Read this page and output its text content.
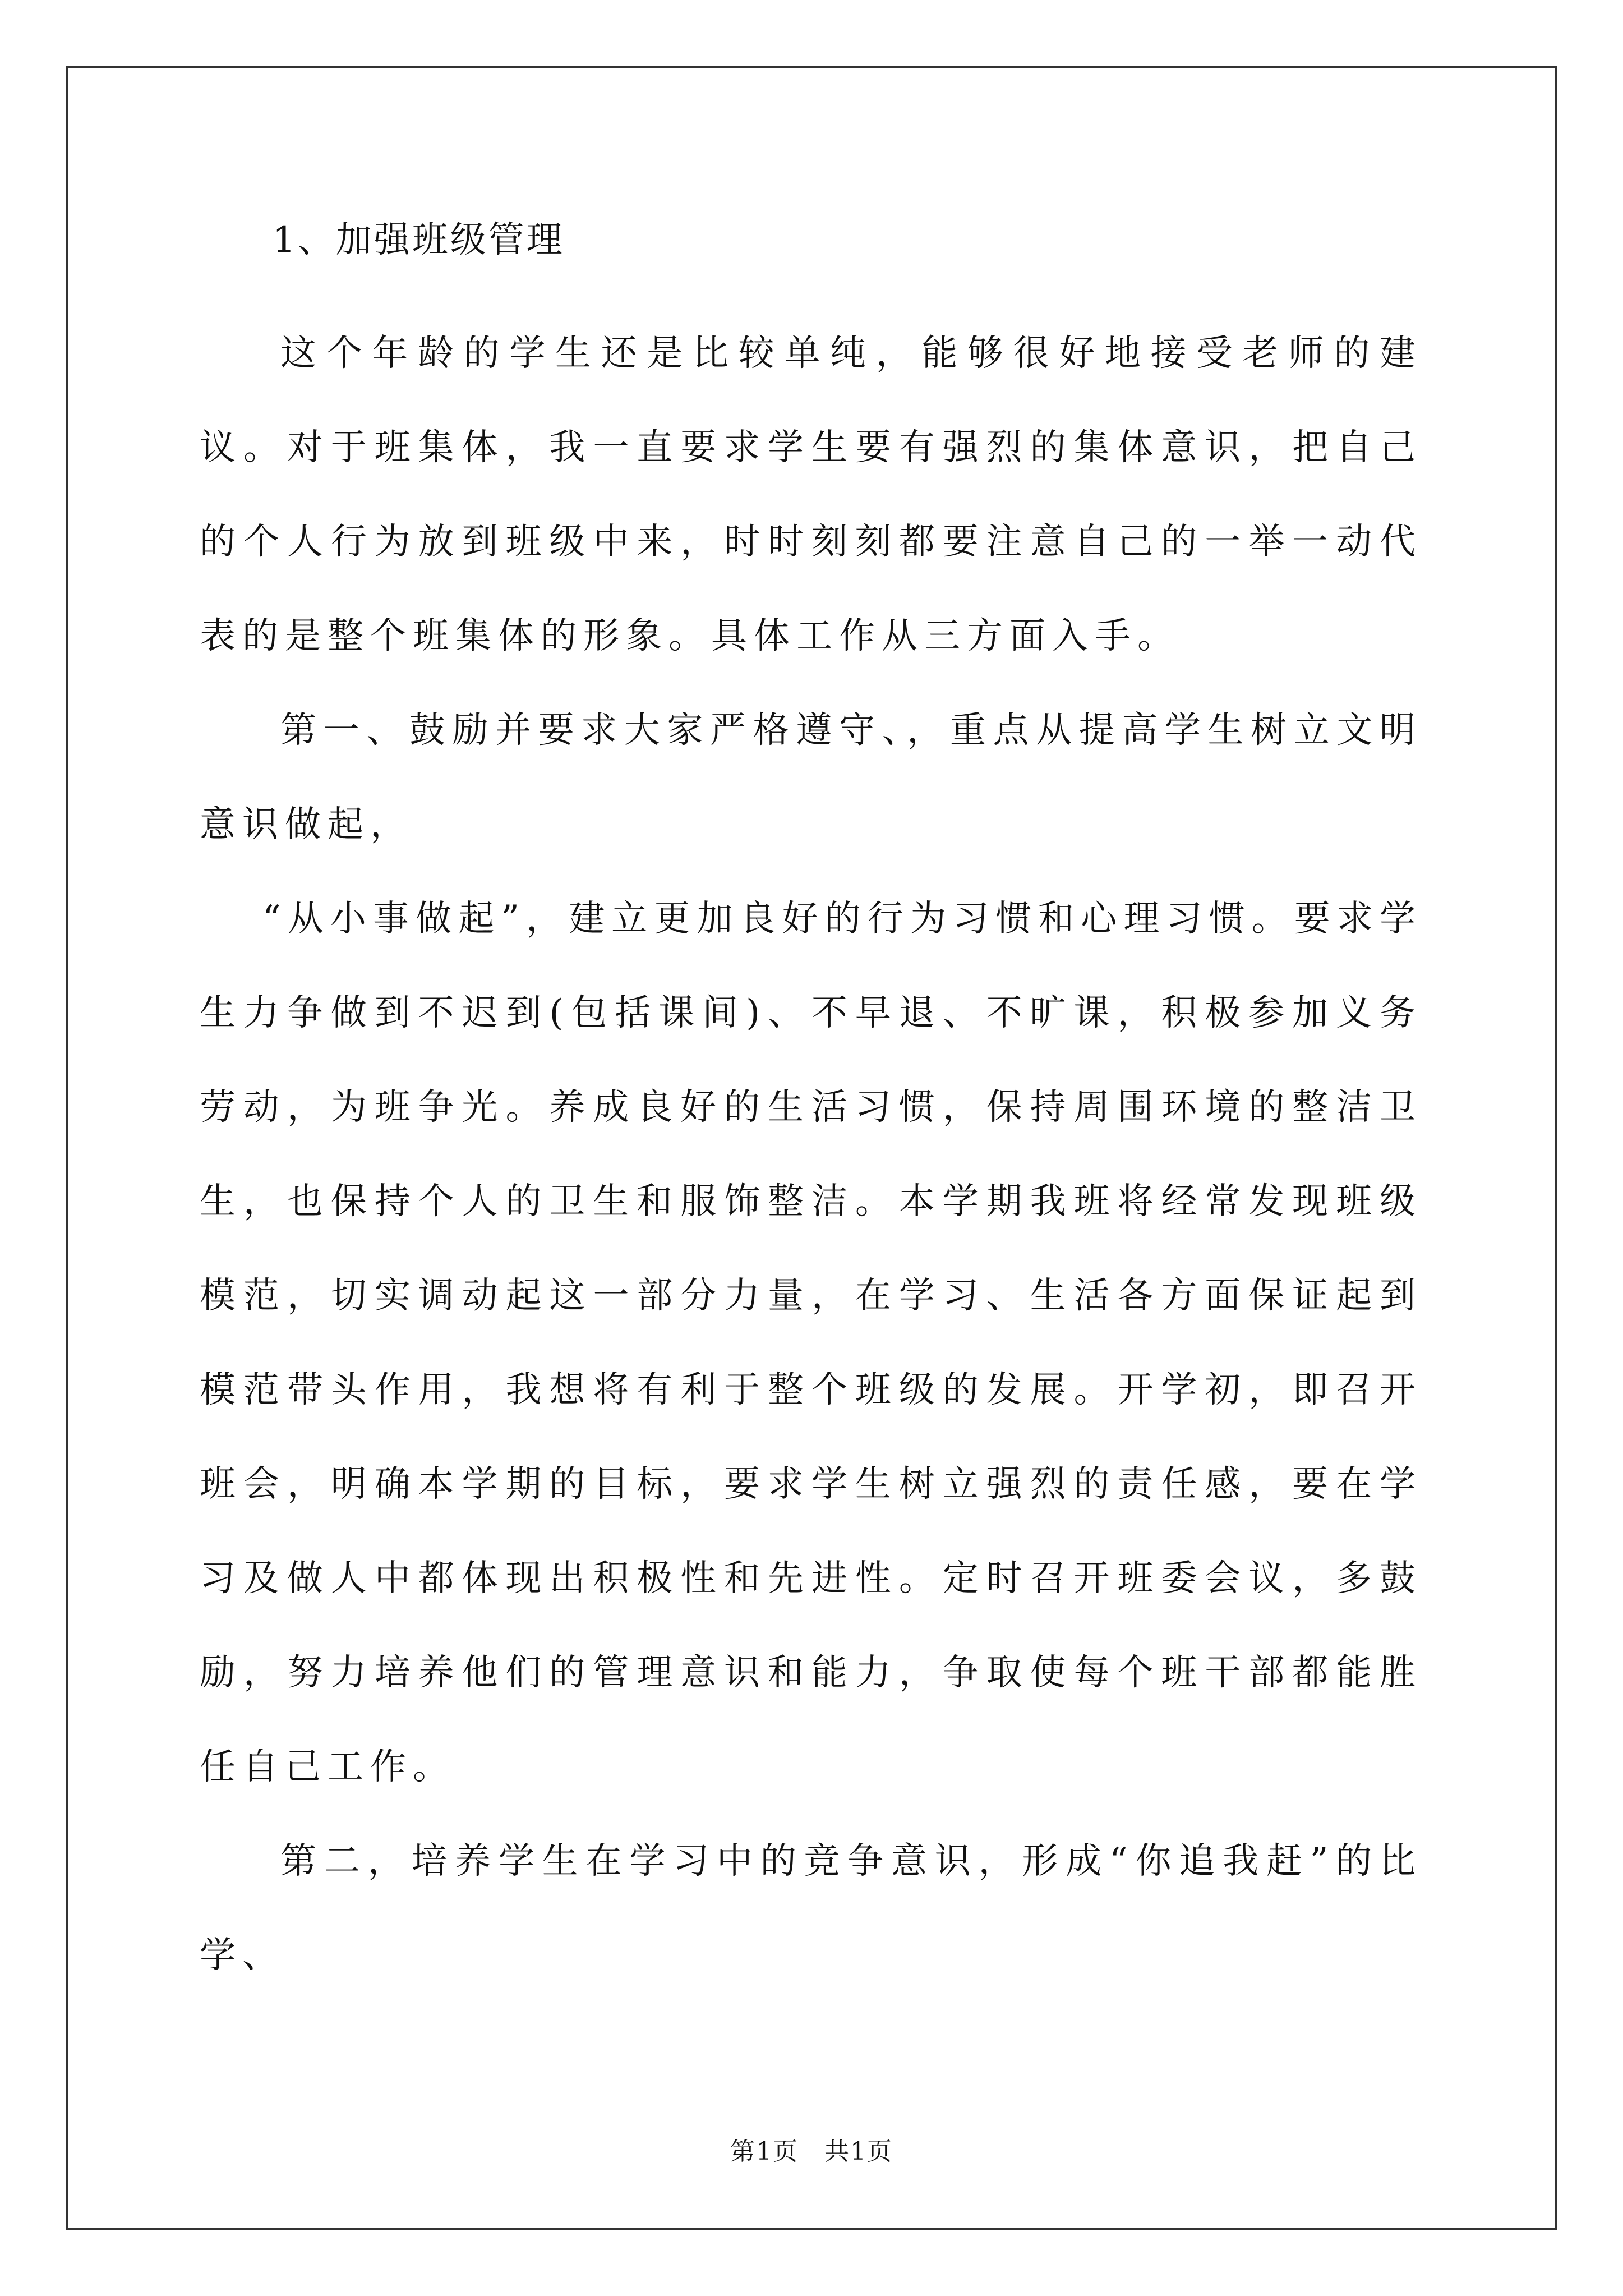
1、加强班级管理

这个年龄的学生还是比较单纯，能够很好地接受老师的建议。对于班集体，我一直要求学生要有强烈的集体意识，把自己的个人行为放到班级中来，时时刻刻都要注意自己的一举一动代表的是整个班集体的形象。具体工作从三方面入手。

第一、鼓励并要求大家严格遵守、，重点从提高学生树立文明意识做起，

“从小事做起”，建立更加良好的行为习惯和心理习惯。要求学生力争做到不迟到(包括课间)、不早退、不旷课，积极参加义务劳动，为班争光。养成良好的生活习惯，保持周围环境的整洁卫生，也保持个人的卫生和服饰整洁。本学期我班将经常发现班级模范，切实调动起这一部分力量，在学习、生活各方面保证起到模范带头作用，我想将有利于整个班级的发展。开学初，即召开班会，明确本学期的目标，要求学生树立强烈的责任感，要在学习及做人中都体现出积极性和先进性。定时召开班委会议，多鼓励，努力培养他们的管理意识和能力，争取使每个班干部都能胜任自己工作。

第二，培养学生在学习中的竞争意识，形成“你追我赶”的比学、

第1页　共1页
